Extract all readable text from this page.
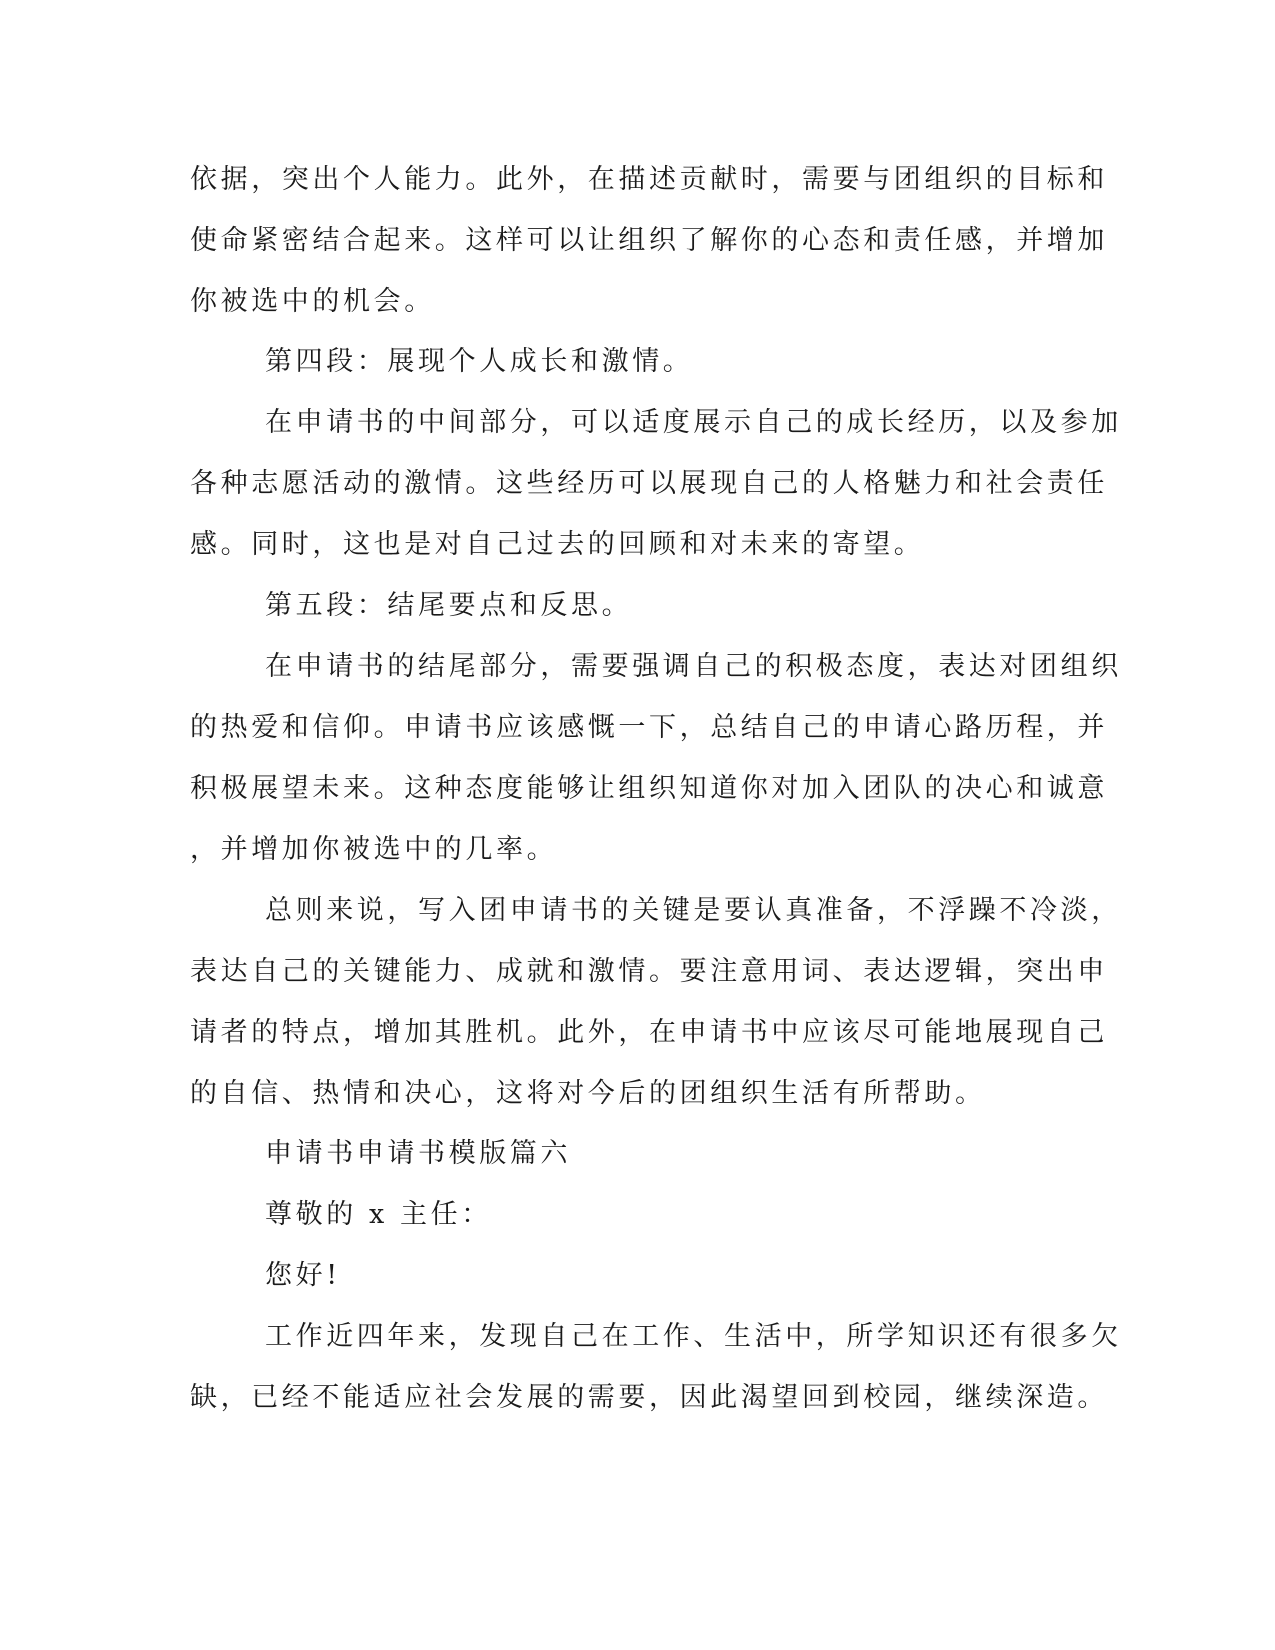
依据，突出个人能力。此外，在描述贡献时，需要与团组织的目标和
使命紧密结合起来。这样可以让组织了解你的心态和责任感，并增加
你被选中的机会。
第四段：展现个人成长和激情。
在申请书的中间部分，可以适度展示自己的成长经历，以及参加
各种志愿活动的激情。这些经历可以展现自己的人格魅力和社会责任
感。同时，这也是对自己过去的回顾和对未来的寄望。
第五段：结尾要点和反思。
在申请书的结尾部分，需要强调自己的积极态度，表达对团组织
的热爱和信仰。申请书应该感慨一下，总结自己的申请心路历程，并
积极展望未来。这种态度能够让组织知道你对加入团队的决心和诚意
，并增加你被选中的几率。
总则来说，写入团申请书的关键是要认真准备，不浮躁不冷淡，
表达自己的关键能力、成就和激情。要注意用词、表达逻辑，突出申
请者的特点，增加其胜机。此外，在申请书中应该尽可能地展现自己
的自信、热情和决心，这将对今后的团组织生活有所帮助。
申请书申请书模版篇六
尊敬的 x 主任：
您好!
工作近四年来，发现自己在工作、生活中，所学知识还有很多欠
缺，已经不能适应社会发展的需要，因此渴望回到校园，继续深造。
